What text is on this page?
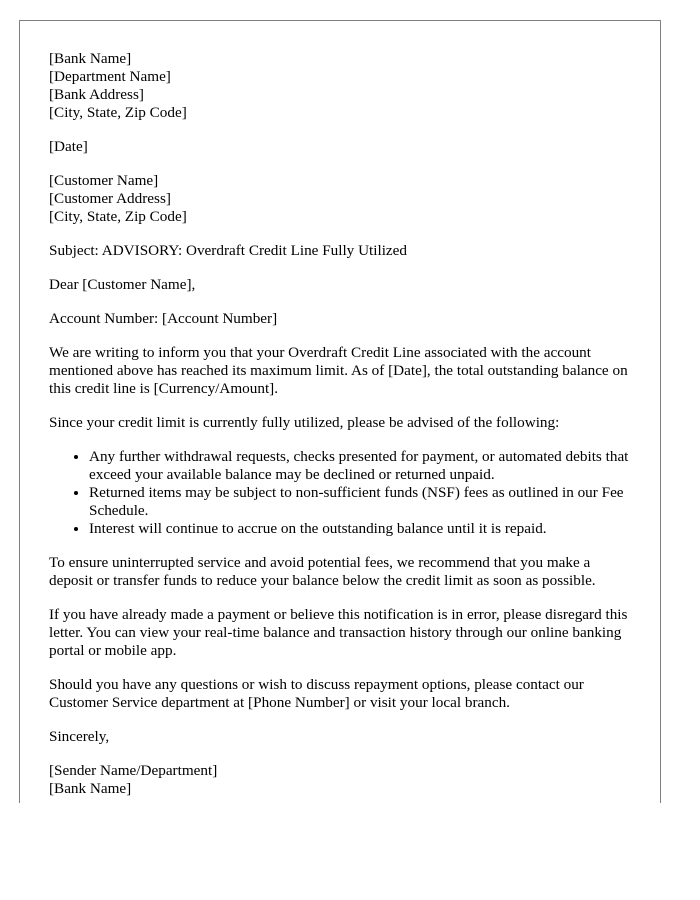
[Bank Name]
[Department Name]
[Bank Address]
[City, State, Zip Code]

[Date]

[Customer Name]
[Customer Address]
[City, State, Zip Code]

Subject: ADVISORY: Overdraft Credit Line Fully Utilized

Dear [Customer Name],

Account Number: [Account Number]

We are writing to inform you that your Overdraft Credit Line associated with the account mentioned above has reached its maximum limit. As of [Date], the total outstanding balance on this credit line is [Currency/Amount].

Since your credit limit is currently fully utilized, please be advised of the following:

• Any further withdrawal requests, checks presented for payment, or automated debits that exceed your available balance may be declined or returned unpaid.
• Returned items may be subject to non-sufficient funds (NSF) fees as outlined in our Fee Schedule.
• Interest will continue to accrue on the outstanding balance until it is repaid.

To ensure uninterrupted service and avoid potential fees, we recommend that you make a deposit or transfer funds to reduce your balance below the credit limit as soon as possible.

If you have already made a payment or believe this notification is in error, please disregard this letter. You can view your real-time balance and transaction history through our online banking portal or mobile app.

Should you have any questions or wish to discuss repayment options, please contact our Customer Service department at [Phone Number] or visit your local branch.

Sincerely,

[Sender Name/Department]
[Bank Name]
